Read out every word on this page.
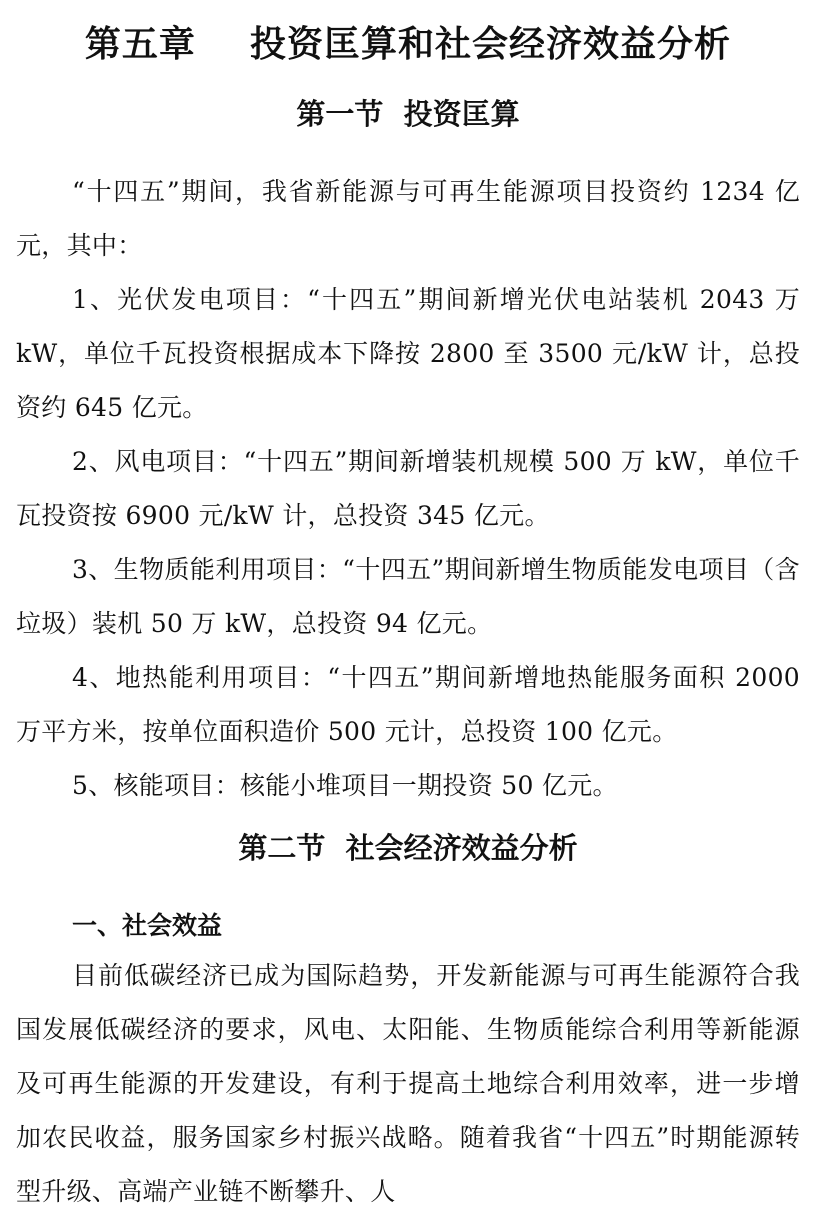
第五章    投资匡算和社会经济效益分析
第一节  投资匡算
“十四五”期间，我省新能源与可再生能源项目投资约 1234 亿元，其中：
1、光伏发电项目：“十四五”期间新增光伏电站装机 2043 万 kW，单位千瓦投资根据成本下降按 2800 至 3500 元/kW 计，总投资约 645 亿元。
2、风电项目：“十四五”期间新增装机规模 500 万 kW，单位千瓦投资按 6900 元/kW 计，总投资 345 亿元。
3、生物质能利用项目：“十四五”期间新增生物质能发电项目（含垃圾）装机 50 万 kW，总投资 94 亿元。
4、地热能利用项目：“十四五”期间新增地热能服务面积 2000 万平方米，按单位面积造价 500 元计，总投资 100 亿元。
5、核能项目：核能小堆项目一期投资 50 亿元。
第二节  社会经济效益分析
一、社会效益
目前低碳经济已成为国际趋势，开发新能源与可再生能源符合我国发展低碳经济的要求，风电、太阳能、生物质能综合利用等新能源及可再生能源的开发建设，有利于提高土地综合利用效率，进一步增加农民收益，服务国家乡村振兴战略。随着我省“十四五”时期能源转型升级、高端产业链不断攀升、人
